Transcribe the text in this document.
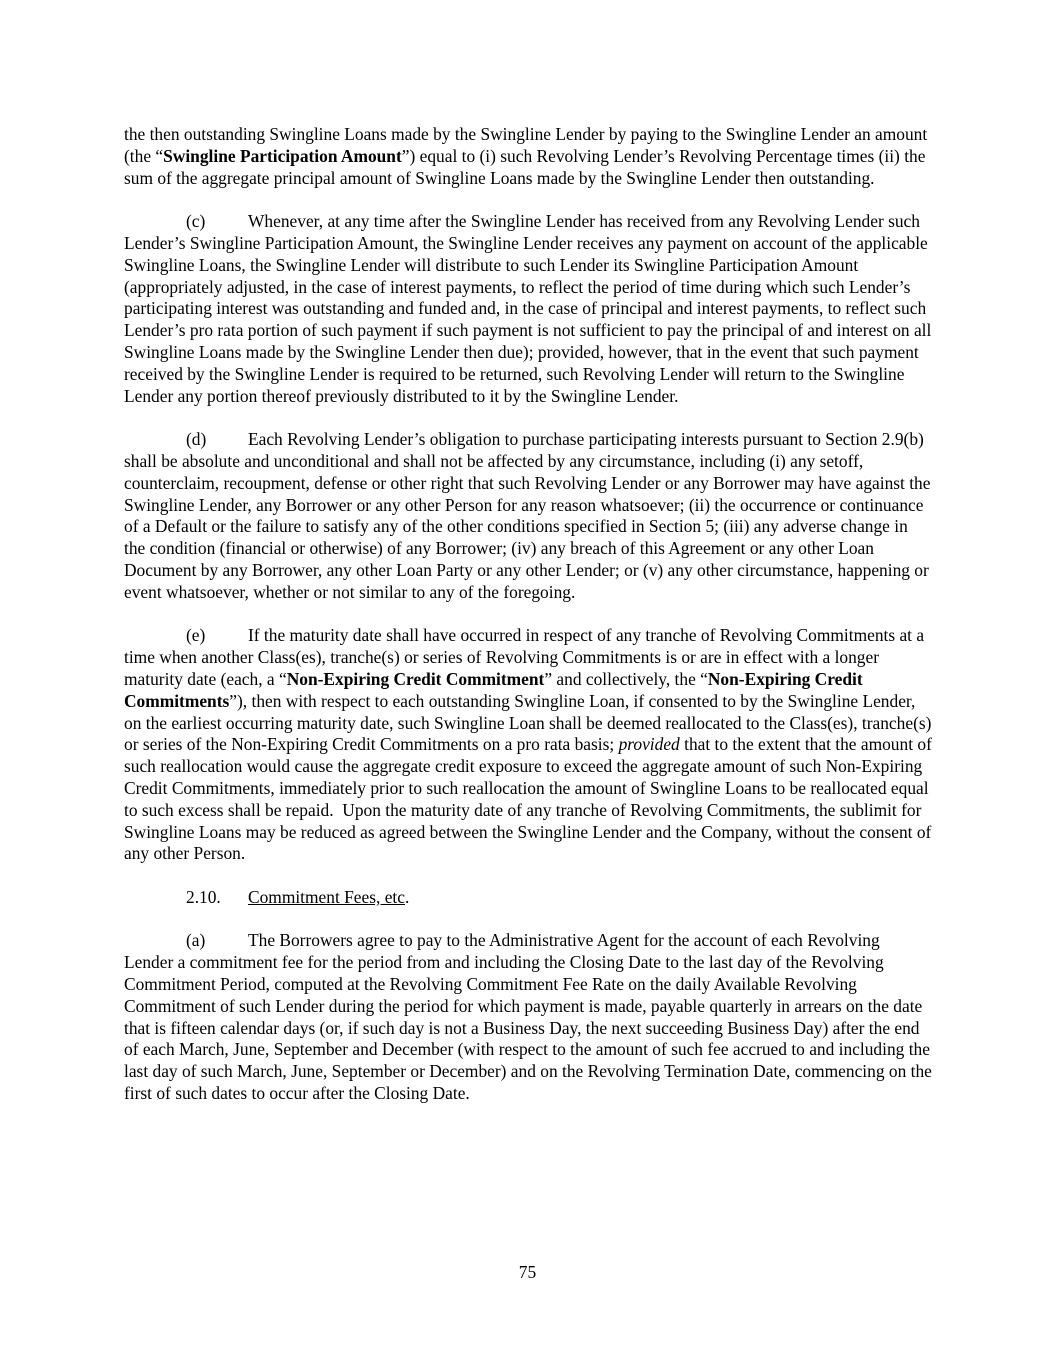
the then outstanding Swingline Loans made by the Swingline Lender by paying to the Swingline Lender an amount (the “Swingline Participation Amount”) equal to (i) such Revolving Lender’s Revolving Percentage times (ii) the sum of the aggregate principal amount of Swingline Loans made by the Swingline Lender then outstanding.

(c) Whenever, at any time after the Swingline Lender has received from any Revolving Lender such Lender’s Swingline Participation Amount, the Swingline Lender receives any payment on account of the applicable Swingline Loans, the Swingline Lender will distribute to such Lender its Swingline Participation Amount (appropriately adjusted, in the case of interest payments, to reflect the period of time during which such Lender’s participating interest was outstanding and funded and, in the case of principal and interest payments, to reflect such Lender’s pro rata portion of such payment if such payment is not sufficient to pay the principal of and interest on all Swingline Loans made by the Swingline Lender then due); provided, however, that in the event that such payment received by the Swingline Lender is required to be returned, such Revolving Lender will return to the Swingline Lender any portion thereof previously distributed to it by the Swingline Lender.

(d) Each Revolving Lender’s obligation to purchase participating interests pursuant to Section 2.9(b) shall be absolute and unconditional and shall not be affected by any circumstance, including (i) any setoff, counterclaim, recoupment, defense or other right that such Revolving Lender or any Borrower may have against the Swingline Lender, any Borrower or any other Person for any reason whatsoever; (ii) the occurrence or continuance of a Default or the failure to satisfy any of the other conditions specified in Section 5; (iii) any adverse change in the condition (financial or otherwise) of any Borrower; (iv) any breach of this Agreement or any other Loan Document by any Borrower, any other Loan Party or any other Lender; or (v) any other circumstance, happening or event whatsoever, whether or not similar to any of the foregoing.

(e) If the maturity date shall have occurred in respect of any tranche of Revolving Commitments at a time when another Class(es), tranche(s) or series of Revolving Commitments is or are in effect with a longer maturity date (each, a “Non-Expiring Credit Commitment” and collectively, the “Non-Expiring Credit Commitments”), then with respect to each outstanding Swingline Loan, if consented to by the Swingline Lender, on the earliest occurring maturity date, such Swingline Loan shall be deemed reallocated to the Class(es), tranche(s) or series of the Non-Expiring Credit Commitments on a pro rata basis; provided that to the extent that the amount of such reallocation would cause the aggregate credit exposure to exceed the aggregate amount of such Non-Expiring Credit Commitments, immediately prior to such reallocation the amount of Swingline Loans to be reallocated equal to such excess shall be repaid.  Upon the maturity date of any tranche of Revolving Commitments, the sublimit for Swingline Loans may be reduced as agreed between the Swingline Lender and the Company, without the consent of any other Person.

2.10. Commitment Fees, etc.

(a) The Borrowers agree to pay to the Administrative Agent for the account of each Revolving Lender a commitment fee for the period from and including the Closing Date to the last day of the Revolving Commitment Period, computed at the Revolving Commitment Fee Rate on the daily Available Revolving Commitment of such Lender during the period for which payment is made, payable quarterly in arrears on the date that is fifteen calendar days (or, if such day is not a Business Day, the next succeeding Business Day) after the end of each March, June, September and December (with respect to the amount of such fee accrued to and including the last day of such March, June, September or December) and on the Revolving Termination Date, commencing on the first of such dates to occur after the Closing Date.

75
